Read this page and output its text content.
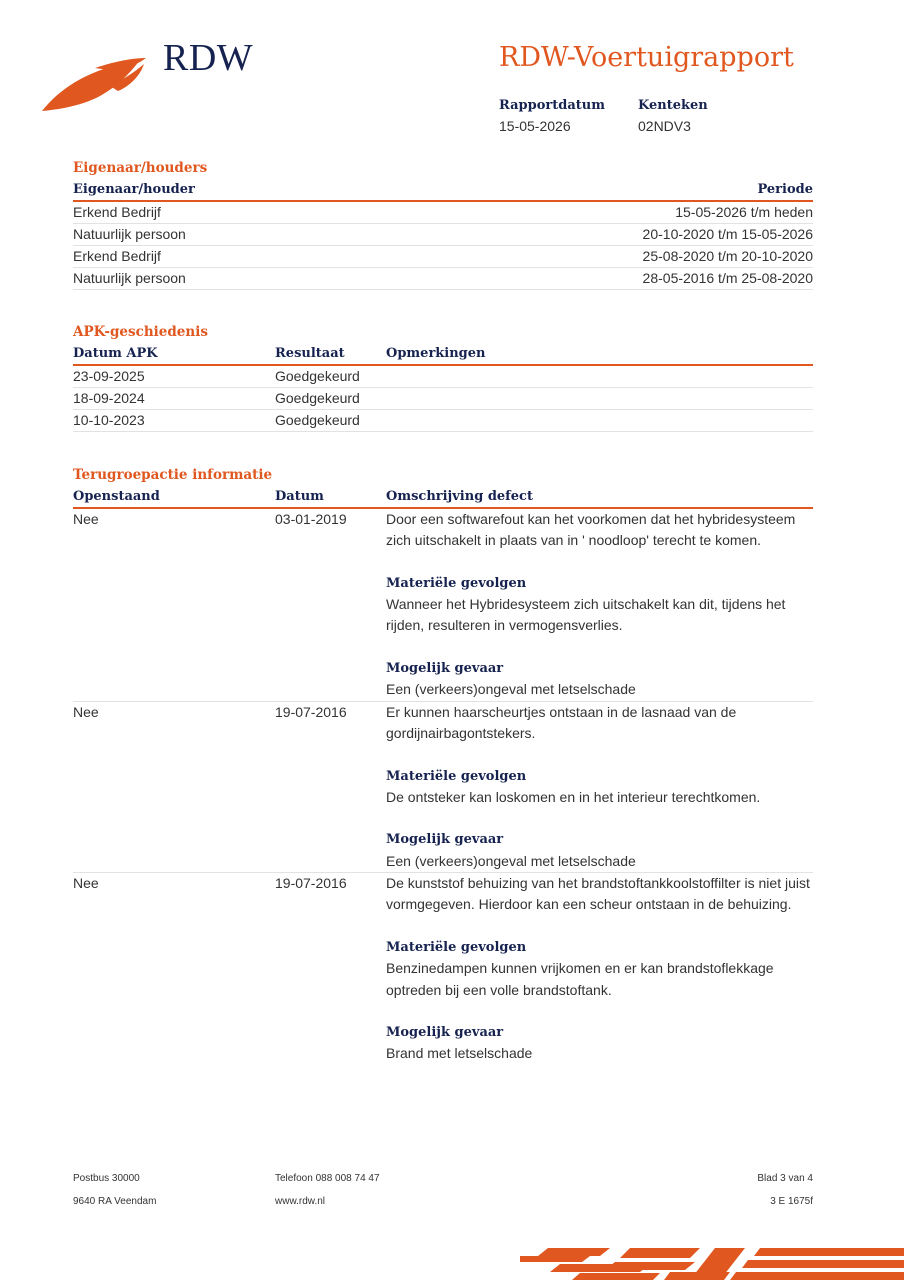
RDW	RDW-Voertuigrapport
Rapportdatum
15-05-2026
Kenteken
02NDV3
Eigenaar/houders
Eigenaar/houder	Periode
Erkend Bedrijf	15-05-2026 t/m heden
Natuurlijk persoon	20-10-2020 t/m 15-05-2026
Erkend Bedrijf	25-08-2020 t/m 20-10-2020
Natuurlijk persoon	28-05-2016 t/m 25-08-2020
APK-geschiedenis
Datum APK	Resultaat	Opmerkingen
23-09-2025	Goedgekeurd
18-09-2024	Goedgekeurd
10-10-2023	Goedgekeurd
Terugroepactie informatie
Openstaand	Datum	Omschrijving defect
Nee	03-01-2019	Door een softwarefout kan het voorkomen dat het hybridesysteem zich uitschakelt in plaats van in ' noodloop' terecht te komen.
Materiële gevolgen
Wanneer het Hybridesysteem zich uitschakelt kan dit, tijdens het rijden, resulteren in vermogensverlies.
Mogelijk gevaar
Een (verkeers)ongeval met letselschade
Nee	19-07-2016	Er kunnen haarscheurtjes ontstaan in de lasnaad van de gordijnairbagontstekers.
Materiële gevolgen
De ontsteker kan loskomen en in het interieur terechtkomen.
Mogelijk gevaar
Een (verkeers)ongeval met letselschade
Nee	19-07-2016	De kunststof behuizing van het brandstoftankkoolstoffilter is niet juist vormgegeven. Hierdoor kan een scheur ontstaan in de behuizing.
Materiële gevolgen
Benzinedampen kunnen vrijkomen en er kan brandstoflekkage optreden bij een volle brandstoftank.
Mogelijk gevaar
Brand met letselschade
Postbus 30000
9640 RA Veendam
Telefoon 088 008 74 47
www.rdw.nl
Blad 3 van 4
3 E 1675f
